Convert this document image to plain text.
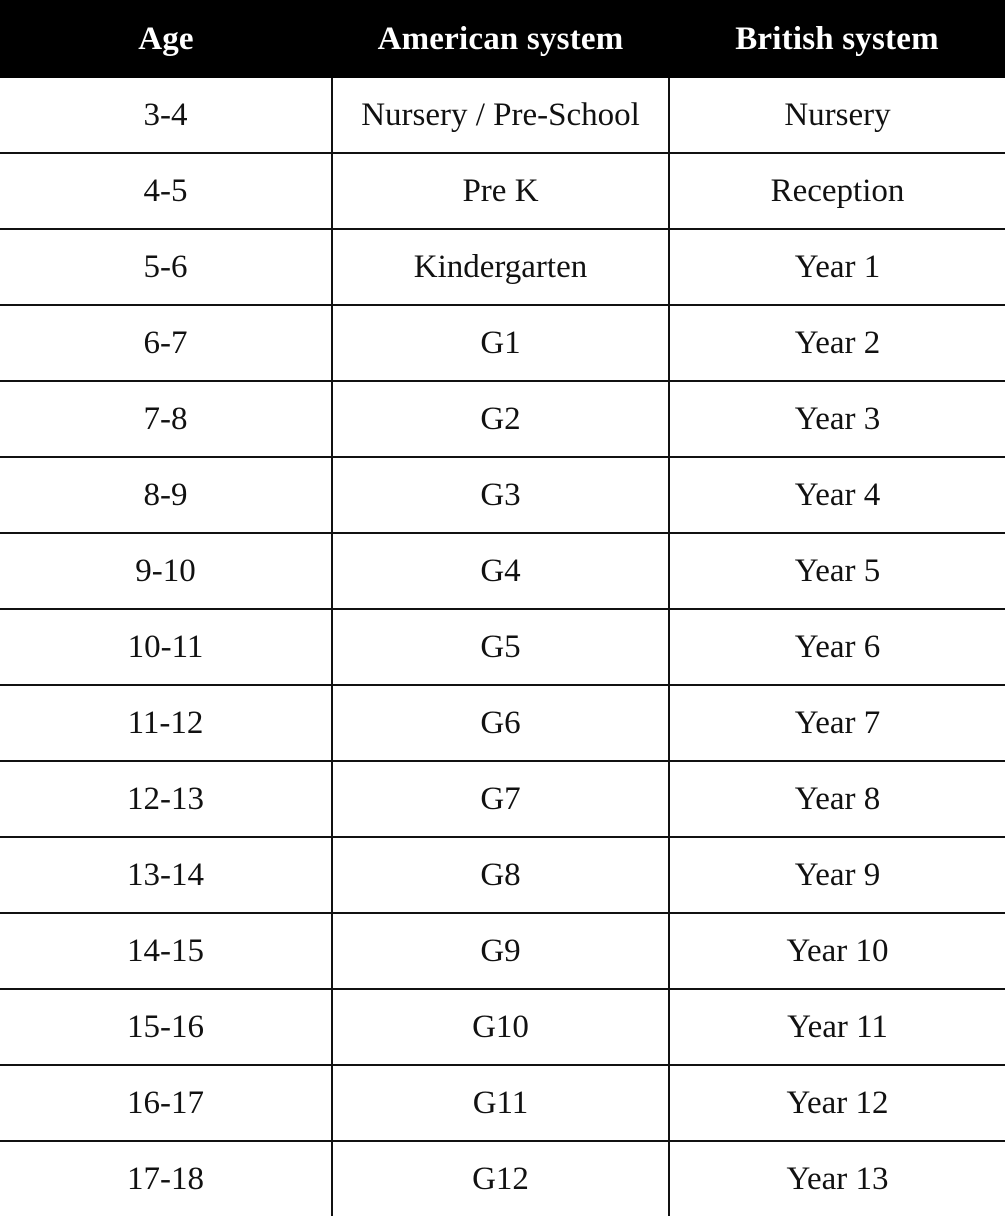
Age	American system	British system
3-4	Nursery / Pre-School	Nursery
4-5	Pre K	Reception
5-6	Kindergarten	Year 1
6-7	G1	Year 2
7-8	G2	Year 3
8-9	G3	Year 4
9-10	G4	Year 5
10-11	G5	Year 6
11-12	G6	Year 7
12-13	G7	Year 8
13-14	G8	Year 9
14-15	G9	Year 10
15-16	G10	Year 11
16-17	G11	Year 12
17-18	G12	Year 13
